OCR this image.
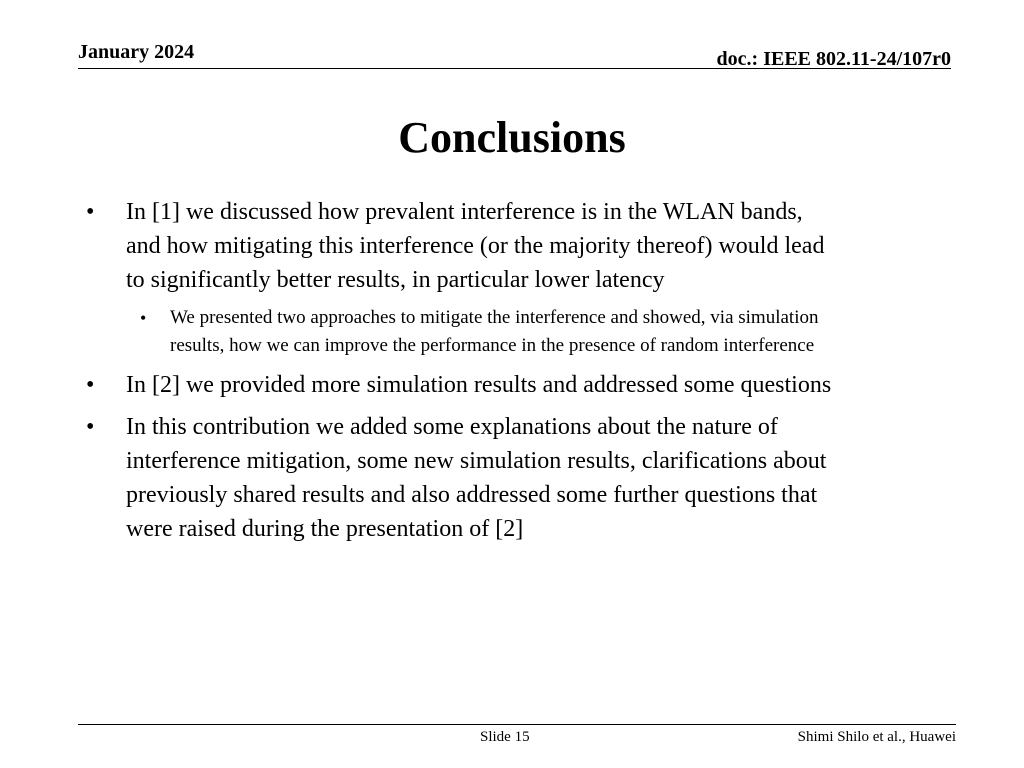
January 2024	doc.: IEEE 802.11-24/107r0
Conclusions
• In [1] we discussed how prevalent interference is in the WLAN bands,
and how mitigating this interference (or the majority thereof) would lead
to significantly better results, in particular lower latency
• We presented two approaches to mitigate the interference and showed, via simulation
results, how we can improve the performance in the presence of random interference
• In [2] we provided more simulation results and addressed some questions
• In this contribution we added some explanations about the nature of
interference mitigation, some new simulation results, clarifications about
previously shared results and also addressed some further questions that
were raised during the presentation of [2]
Slide 15	Shimi Shilo et al., Huawei
